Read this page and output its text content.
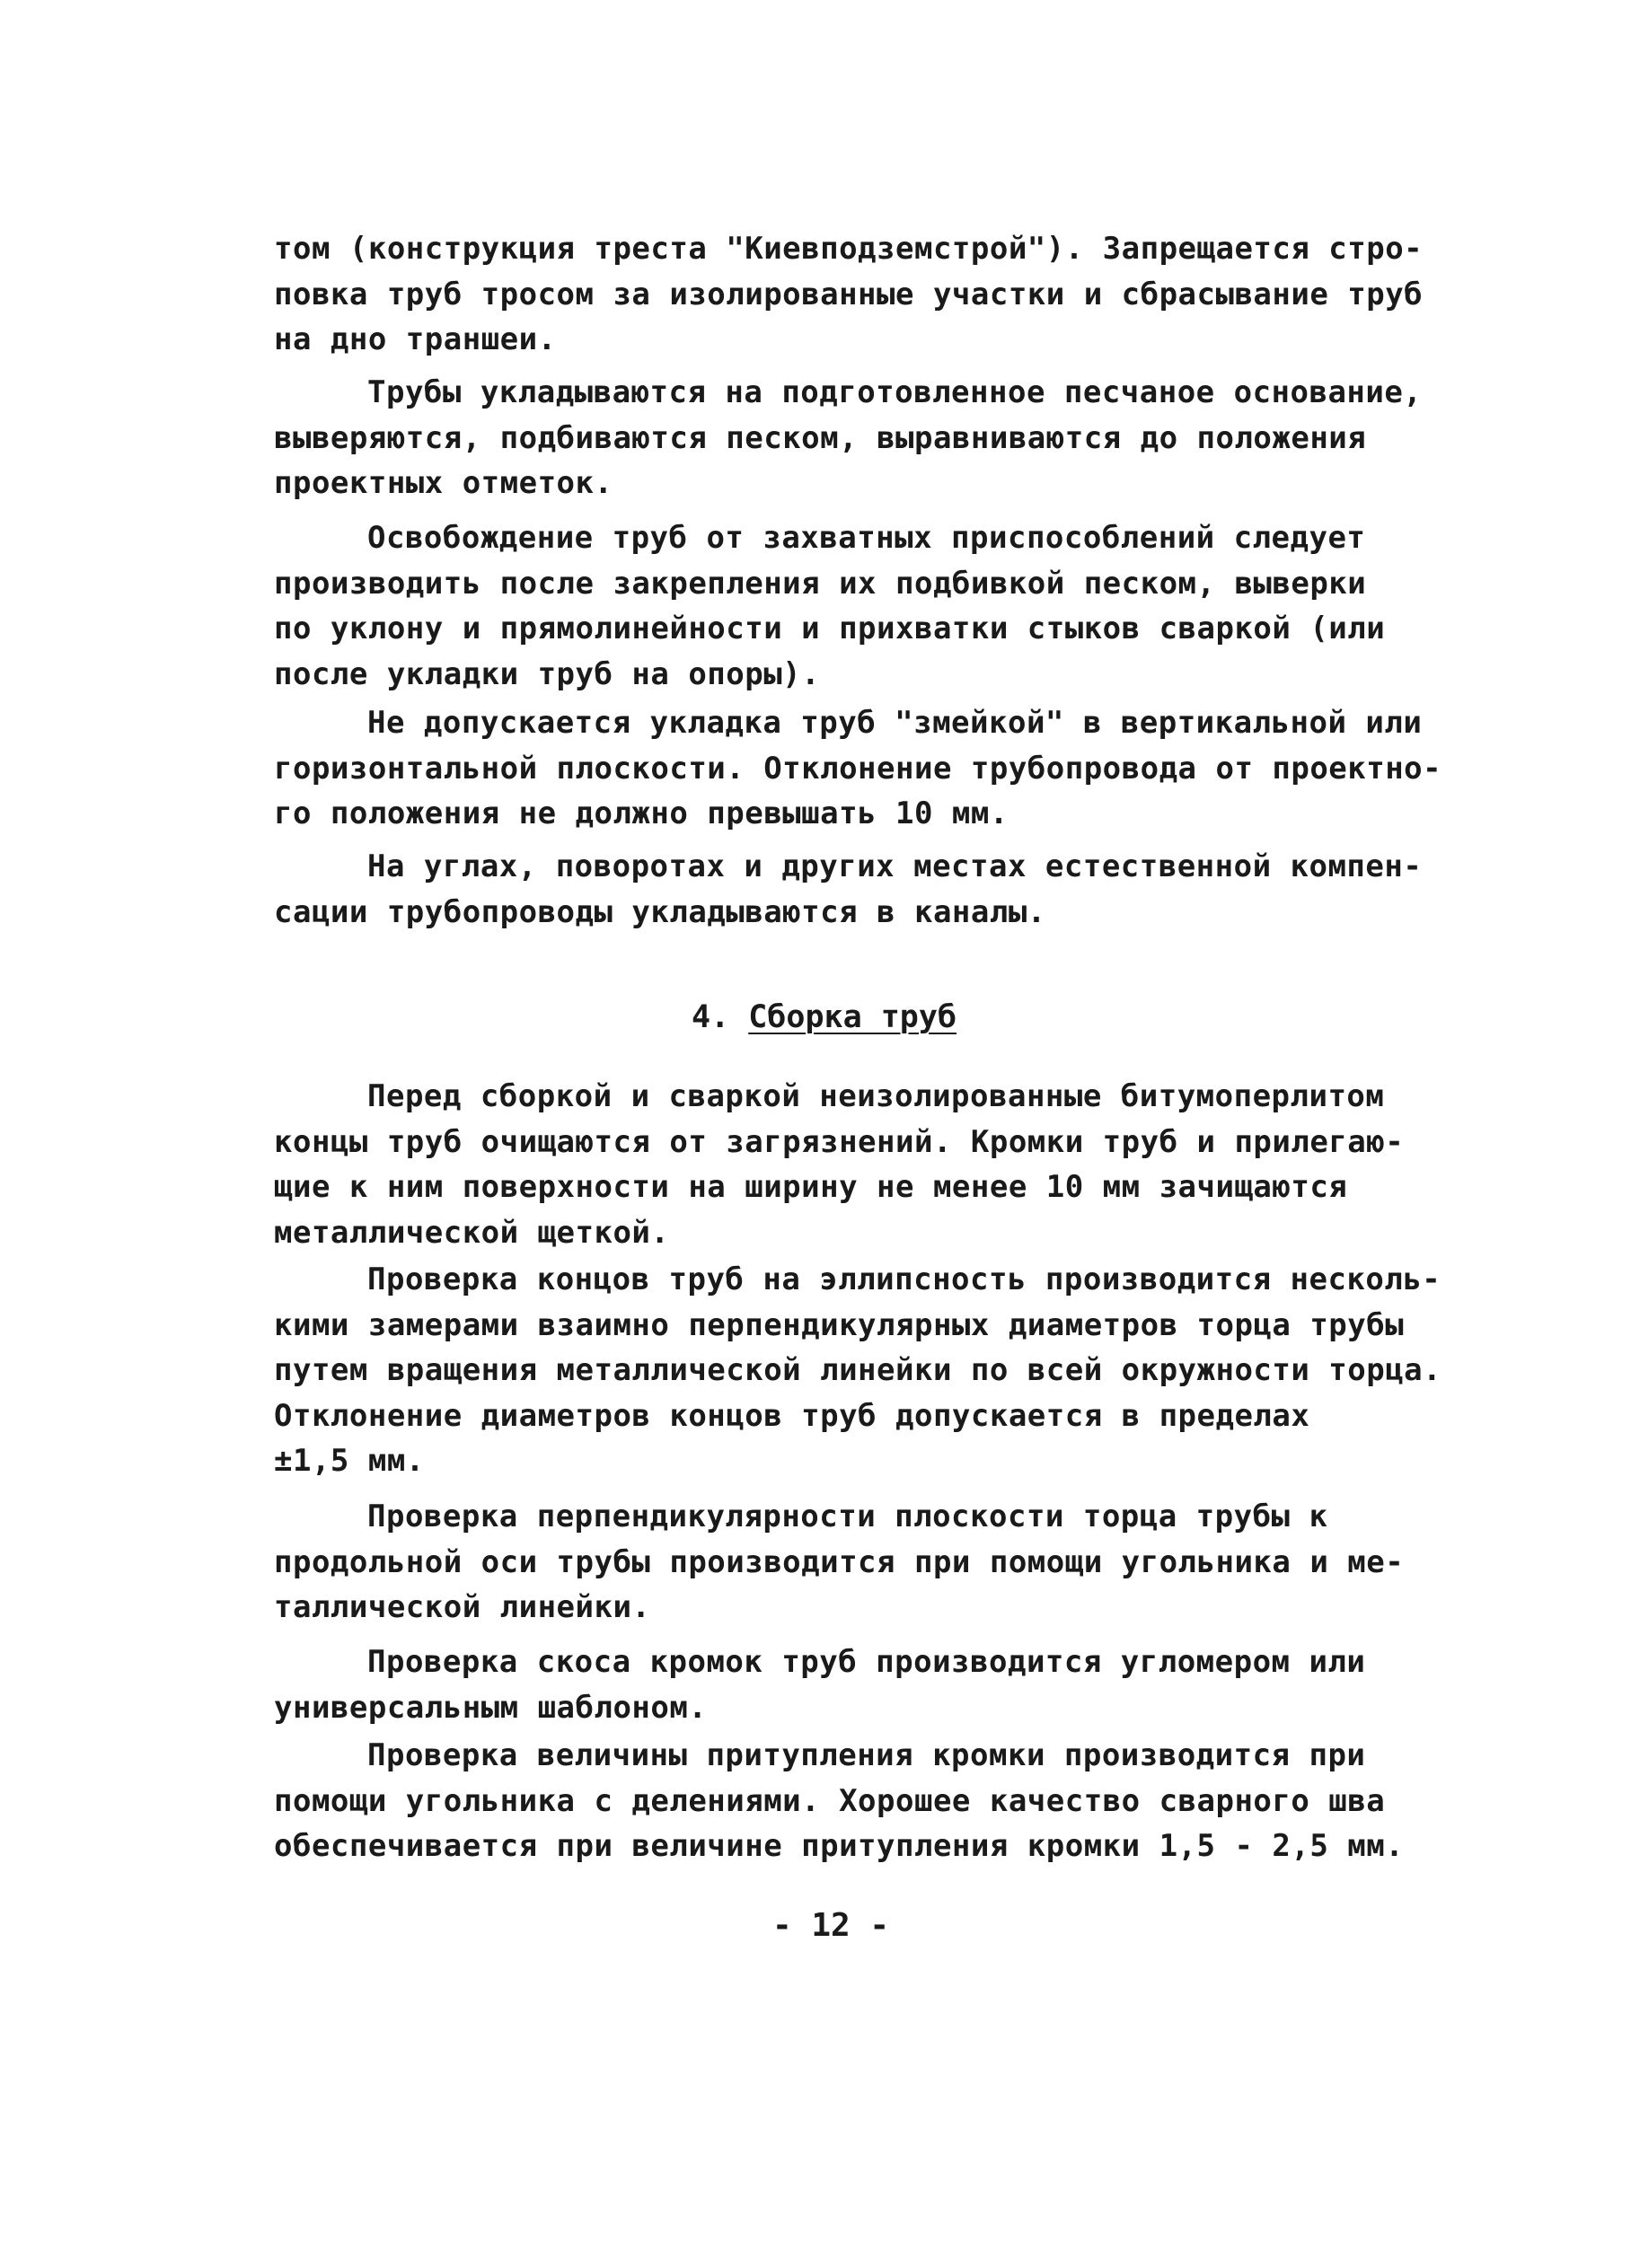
том (конструкция треста "Киевподземстрой"). Запрещается стро-
повка труб тросом за изолированные участки и сбрасывание труб
на дно траншеи.
Трубы укладываются на подготовленное песчаное основание,
выверяются, подбиваются песком, выравниваются до положения
проектных отметок.
Освобождение труб от захватных приспособлений следует
производить после закрепления их подбивкой песком, выверки
по уклону и прямолинейности и прихватки стыков сваркой (или
после укладки труб на опоры).
Не допускается укладка труб "змейкой" в вертикальной или
горизонтальной плоскости. Отклонение трубопровода от проектно-
го положения не должно превышать 10 мм.
На углах, поворотах и других местах естественной компен-
сации трубопроводы укладываются в каналы.
4. Сборка труб
Перед сборкой и сваркой неизолированные битумоперлитом
концы труб очищаются от загрязнений. Кромки труб и прилегаю-
щие к ним поверхности на ширину не менее 10 мм зачищаются
металлической щеткой.
Проверка концов труб на эллипсность производится несколь-
кими замерами взаимно перпендикулярных диаметров торца трубы
путем вращения металлической линейки по всей окружности торца.
Отклонение диаметров концов труб допускается в пределах
±1,5 мм.
Проверка перпендикулярности плоскости торца трубы к
продольной оси трубы производится при помощи угольника и ме-
таллической линейки.
Проверка скоса кромок труб производится угломером или
универсальным шаблоном.
Проверка величины притупления кромки производится при
помощи угольника с делениями. Хорошее качество сварного шва
обеспечивается при величине притупления кромки 1,5 - 2,5 мм.
- 12 -
